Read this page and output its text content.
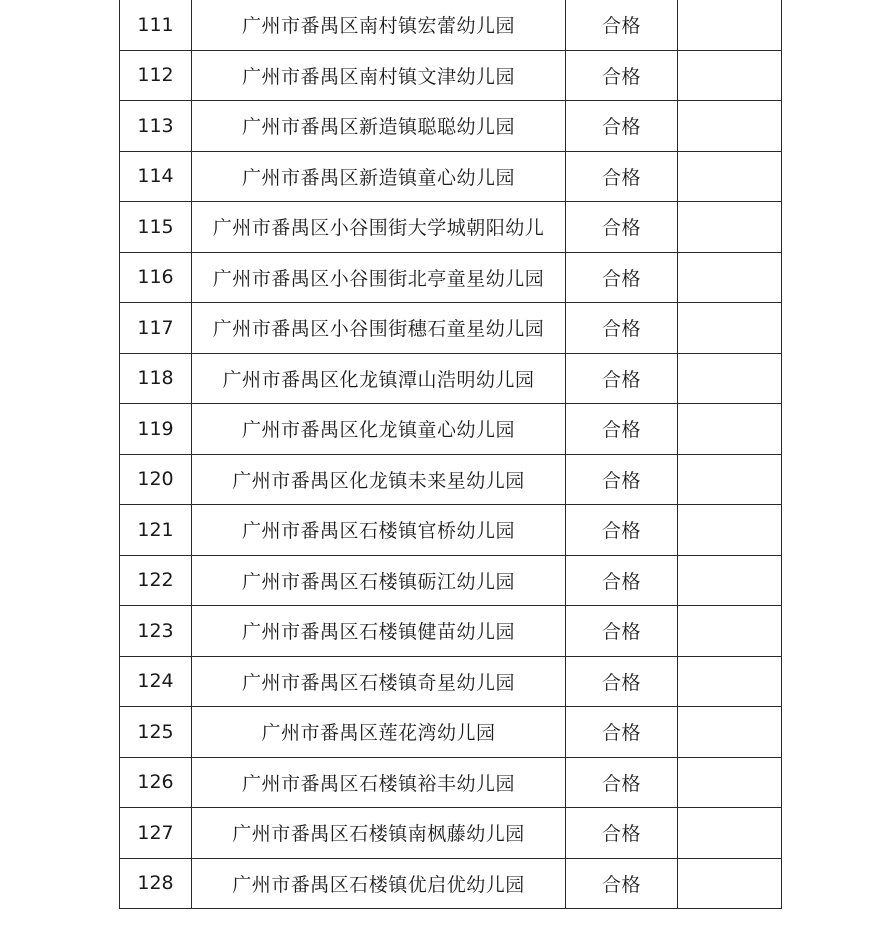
111	广州市番禺区南村镇宏蕾幼儿园	合格	
112	广州市番禺区南村镇文津幼儿园	合格	
113	广州市番禺区新造镇聪聪幼儿园	合格	
114	广州市番禺区新造镇童心幼儿园	合格	
115	广州市番禺区小谷围街大学城朝阳幼儿	合格	
116	广州市番禺区小谷围街北亭童星幼儿园	合格	
117	广州市番禺区小谷围街穗石童星幼儿园	合格	
118	广州市番禺区化龙镇潭山浩明幼儿园	合格	
119	广州市番禺区化龙镇童心幼儿园	合格	
120	广州市番禺区化龙镇未来星幼儿园	合格	
121	广州市番禺区石楼镇官桥幼儿园	合格	
122	广州市番禺区石楼镇砺江幼儿园	合格	
123	广州市番禺区石楼镇健苗幼儿园	合格	
124	广州市番禺区石楼镇奇星幼儿园	合格	
125	广州市番禺区莲花湾幼儿园	合格	
126	广州市番禺区石楼镇裕丰幼儿园	合格	
127	广州市番禺区石楼镇南枫藤幼儿园	合格	
128	广州市番禺区石楼镇优启优幼儿园	合格	
